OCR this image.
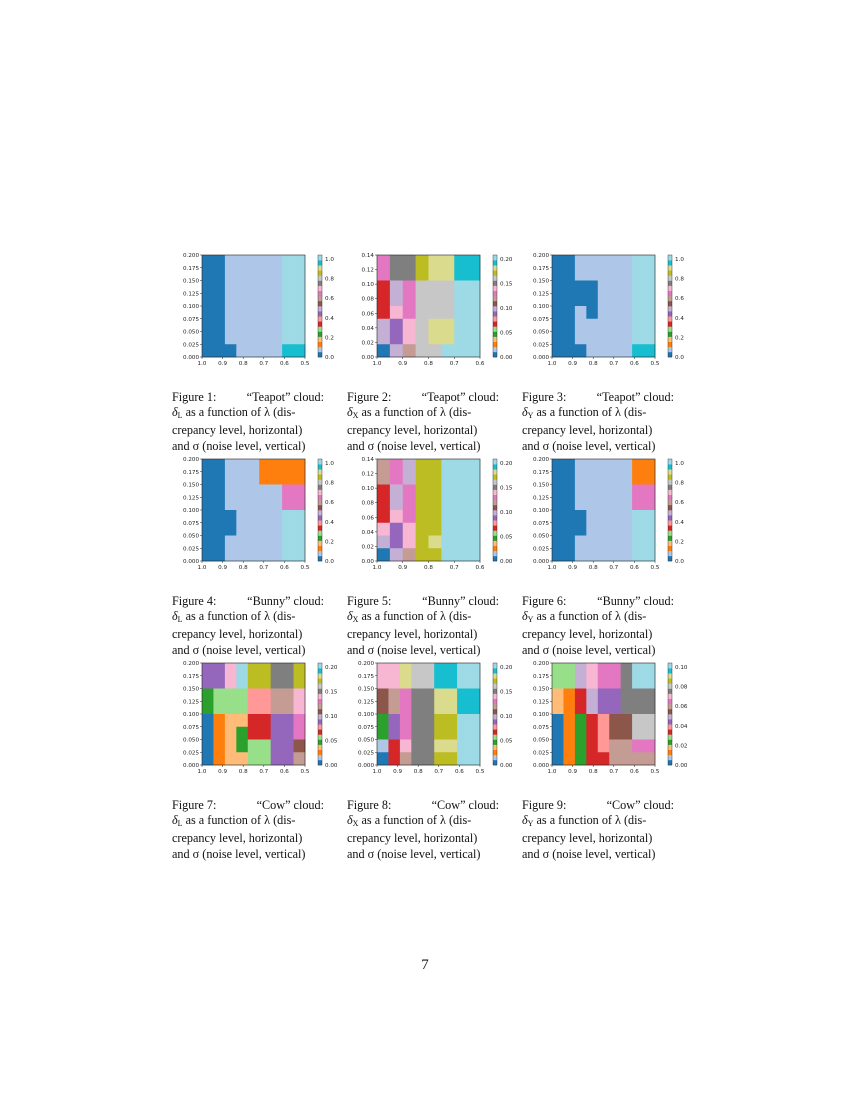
1.0 0.9 0.8 0.7 0.6 0.5
0.000
0.025
0.050
0.075
0.100
0.125
0.150
0.175
0.200
0.0
0.2
0.4
0.6
0.8
1.0
Figure 1: “Teapot” cloud:
$\delta_L$ as a function of λ (dis-
crepancy level, horizontal)
and σ (noise level, vertical)
1.0	0.9	0.8	0.7	0.6
0.00
0.02
0.04
0.06
0.08
0.10
0.12
0.14
0.00
0.05
0.10
0.15
0.20
Figure 2: “Teapot” cloud:
$\delta_X$ as a function of λ (dis-
crepancy level, horizontal)
and σ (noise level, vertical)
1.0 0.9 0.8 0.7 0.6 0.5
0.000
0.025
0.050
0.075
0.100
0.125
0.150
0.175
0.200
0.0
0.2
0.4
0.6
0.8
1.0
Figure 3: “Teapot” cloud:
$\delta_Y$ as a function of λ (dis-
crepancy level, horizontal)
and σ (noise level, vertical)
1.0 0.9 0.8 0.7 0.6 0.5
0.000
0.025
0.050
0.075
0.100
0.125
0.150
0.175
0.200
0.0
0.2
0.4
0.6
0.8
1.0
Figure 4:	“Bunny” cloud:
$\delta_L$ as a function of λ (dis-
crepancy level, horizontal)
and σ (noise level, vertical)
1.0	0.9	0.8	0.7	0.6
0.00
0.02
0.04
0.06
0.08
0.10
0.12
0.14
0.00
0.05
0.10
0.15
0.20
Figure 5:	“Bunny” cloud:
$\delta_X$ as a function of λ (dis-
crepancy level, horizontal)
and σ (noise level, vertical)
1.0 0.9 0.8 0.7 0.6 0.5
0.000
0.025
0.050
0.075
0.100
0.125
0.150
0.175
0.200
0.0
0.2
0.4
0.6
0.8
1.0
Figure 6:	“Bunny” cloud:
$\delta_Y$ as a function of λ (dis-
crepancy level, horizontal)
and σ (noise level, vertical)
1.0 0.9 0.8 0.7 0.6 0.5
0.000
0.025
0.050
0.075
0.100
0.125
0.150
0.175
0.200
0.00
0.05
0.10
0.15
0.20
Figure 7:	“Cow” cloud:
$\delta_L$ as a function of λ (dis-
crepancy level, horizontal)
and σ (noise level, vertical)
1.0 0.9 0.8 0.7 0.6 0.5
0.000
0.025
0.050
0.075
0.100
0.125
0.150
0.175
0.200
0.00
0.05
0.10
0.15
0.20
Figure 8:	“Cow” cloud:
$\delta_X$ as a function of λ (dis-
crepancy level, horizontal)
and σ (noise level, vertical)
1.0 0.9 0.8 0.7 0.6 0.5
0.000
0.025
0.050
0.075
0.100
0.125
0.150
0.175
0.200
0.00
0.02
0.04
0.06
0.08
0.10
Figure 9:	“Cow” cloud:
$\delta_Y$ as a function of λ (dis-
crepancy level, horizontal)
and σ (noise level, vertical)
7
